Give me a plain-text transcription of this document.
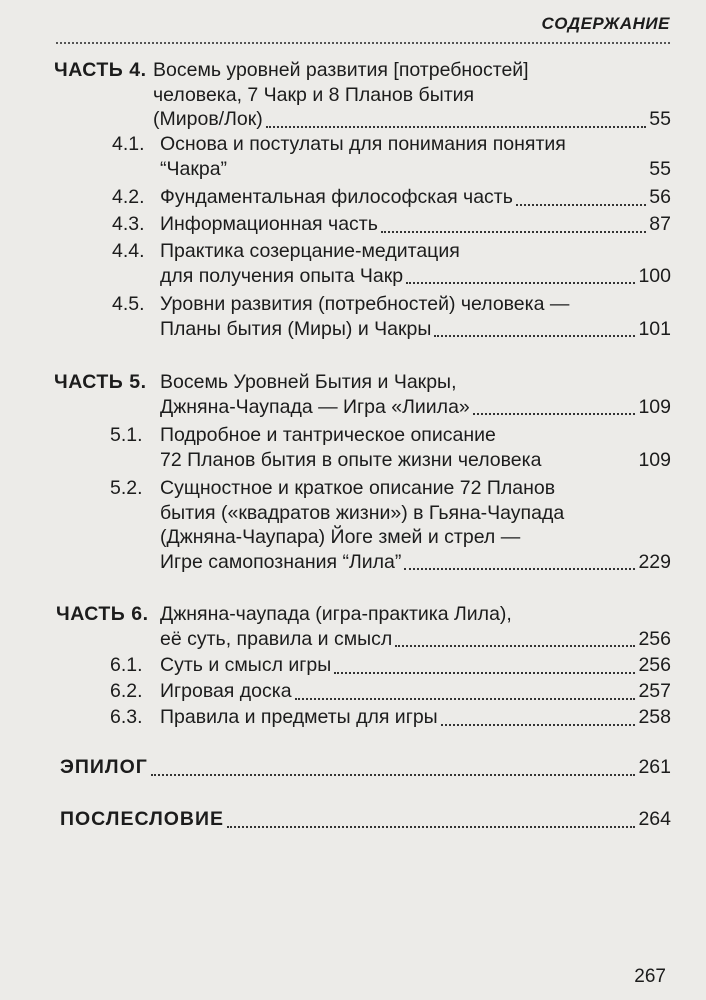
СОДЕРЖАНИЕ
ЧАСТЬ 4. Восемь уровней развития [потребностей]
человека, 7 Чакр и 8 Планов бытия
(Миров/Лок)	55
4.1. Основа и постулаты для понимания понятия
“Чакра”	55
4.2. Фундаментальная философская часть	56
4.3. Информационная часть	87
4.4. Практика созерцание-медитация
для получения опыта Чакр	100
4.5. Уровни развития (потребностей) человека —
Планы бытия (Миры) и Чакры	101
ЧАСТЬ 5. Восемь Уровней Бытия и Чакры,
Джняна-Чаупада — Игра «Лиила»	109
5.1. Подробное и тантрическое описание
72 Планов бытия в опыте жизни человека	109
5.2. Сущностное и краткое описание 72 Планов
бытия («квадратов жизни») в Гьяна-Чаупада
(Джняна-Чаупара) Йоге змей и стрел —
Игре самопознания “Лила”	229
ЧАСТЬ 6. Джняна-чаупада (игра-практика Лила),
её суть, правила и смысл	256
6.1. Суть и смысл игры	256
6.2. Игровая доска	257
6.3. Правила и предметы для игры	258
ЭПИЛОГ	261
ПОСЛЕСЛОВИЕ	264
267
